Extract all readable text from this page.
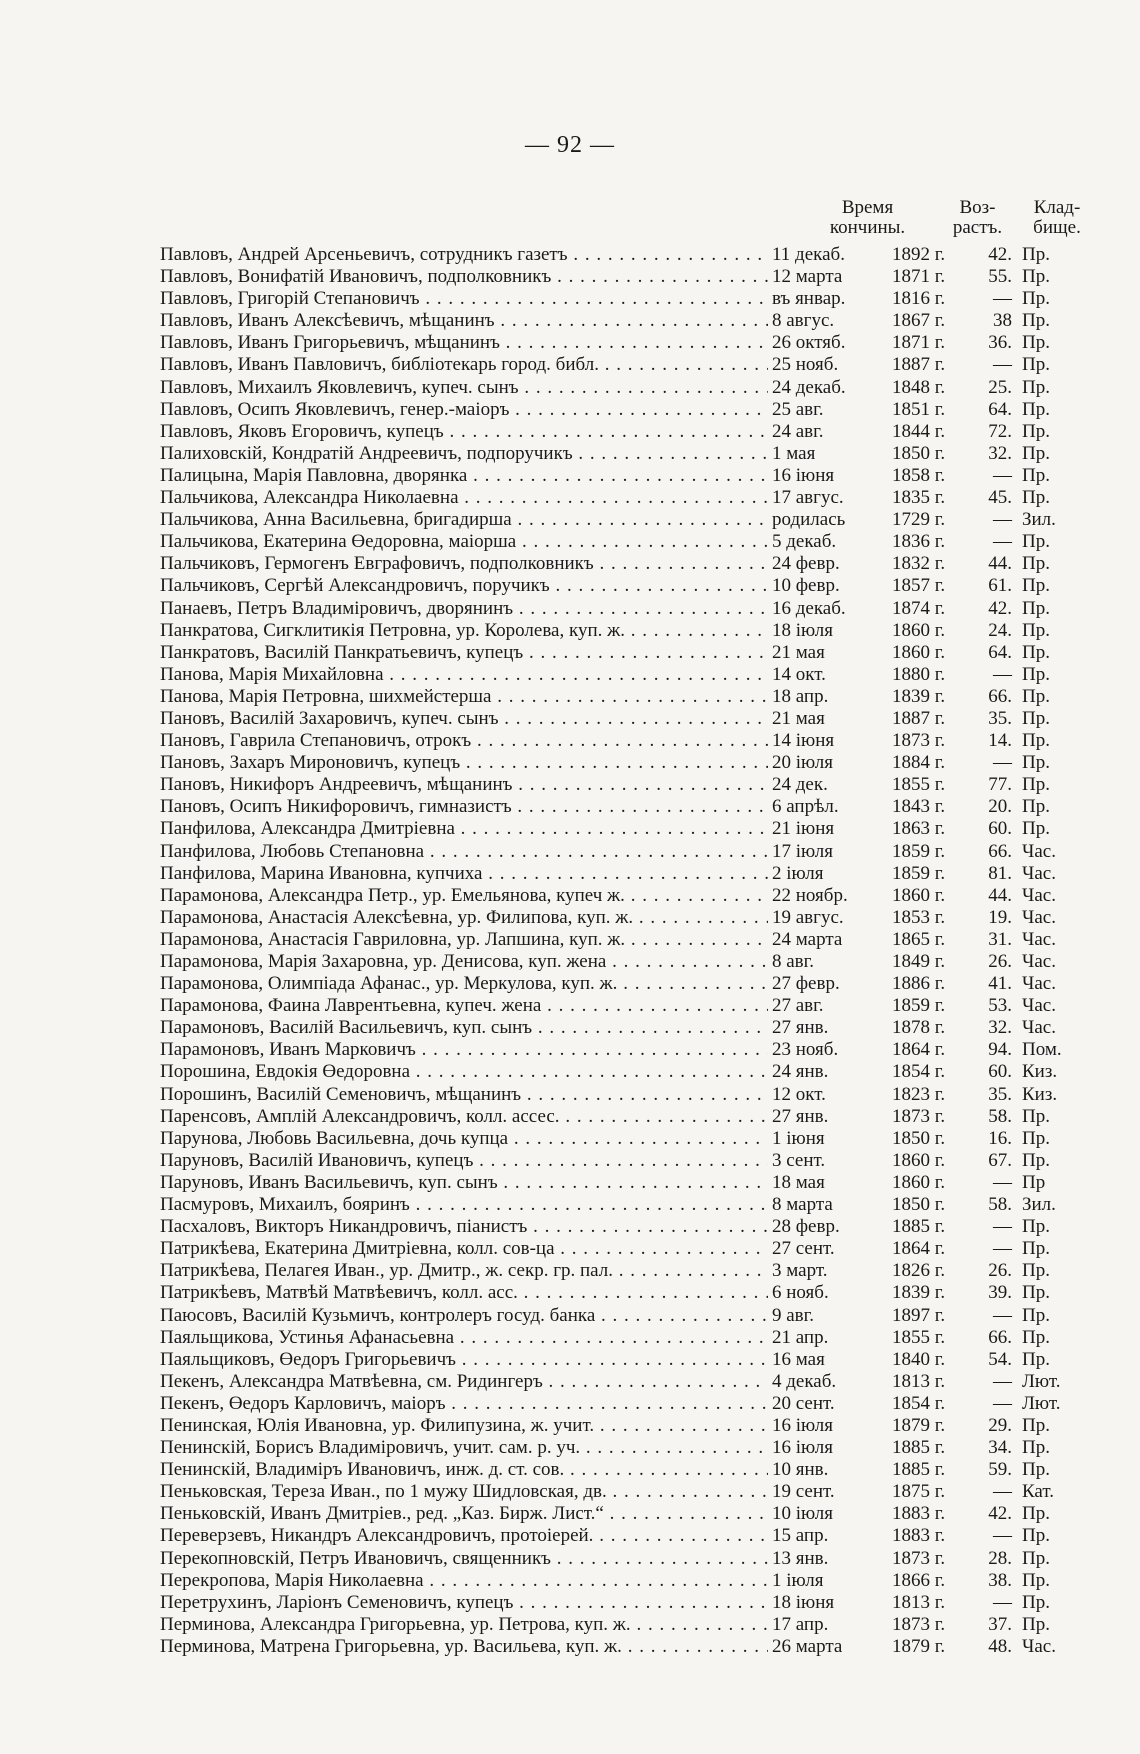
— 92 —
Время
кончины.
Воз-
растъ.
Клад-
бище.
Павловъ, Андрей Арсеньевичъ, сотрудникъ газетъ . . .	11 декаб.	1892 г.	42. Пр.
Павловъ, Вонифатій Ивановичъ, подполковникъ . . .	12 марта	1871 г.	55. Пр.
Павловъ, Григорій Степановичъ . . .	въ январ.	1816 г.	— Пр.
Павловъ, Иванъ Алексѣевичъ, мѣщанинъ . . .	8 авгус.	1867 г.	38 Пр.
Павловъ, Иванъ Григорьевичъ, мѣщанинъ . . .	26 октяб.	1871 г.	36. Пр.
Павловъ, Иванъ Павловичъ, библіотекарь город. библ. . . .	25 нояб.	1887 г.	— Пр.
Павловъ, Михаилъ Яковлевичъ, купеч. сынъ . . .	24 декаб.	1848 г.	25. Пр.
Павловъ, Осипъ Яковлевичъ, генер.-маіоръ . . .	25 авг.	1851 г.	64. Пр.
Павловъ, Яковъ Егоровичъ, купецъ . . .	24 авг.	1844 г.	72. Пр.
Палиховскій, Кондратій Андреевичъ, подпоручикъ . . .	1 мая	1850 г.	32. Пр.
Палицына, Марія Павловна, дворянка . . .	16 іюня	1858 г.	— Пр.
Пальчикова, Александра Николаевна . . .	17 авгус.	1835 г.	45. Пр.
Пальчикова, Анна Васильевна, бригадирша . . .	родилась	1729 г.	— Зил.
Пальчикова, Екатерина Өедоровна, маіорша . . .	5 декаб.	1836 г.	— Пр.
Пальчиковъ, Гермогенъ Евграфовичъ, подполковникъ . . .	24 февр.	1832 г.	44. Пр.
Пальчиковъ, Сергѣй Александровичъ, поручикъ . . .	10 февр.	1857 г.	61. Пр.
Панаевъ, Петръ Владиміровичъ, дворянинъ . . .	16 декаб.	1874 г.	42. Пр.
Панкратова, Сигклитикія Петровна, ур. Королева, куп. ж. . . .	18 іюля	1860 г.	24. Пр.
Панкратовъ, Василій Панкратьевичъ, купецъ . . .	21 мая	1860 г.	64. Пр.
Панова, Марія Михайловна . . .	14 окт.	1880 г.	— Пр.
Панова, Марія Петровна, шихмейстерша . . .	18 апр.	1839 г.	66. Пр.
Пановъ, Василій Захаровичъ, купеч. сынъ . . .	21 мая	1887 г.	35. Пр.
Пановъ, Гаврила Степановичъ, отрокъ . . .	14 іюня	1873 г.	14. Пр.
Пановъ, Захаръ Мироновичъ, купецъ . . .	20 іюля	1884 г.	— Пр.
Пановъ, Никифоръ Андреевичъ, мѣщанинъ . . .	24 дек.	1855 г.	77. Пр.
Пановъ, Осипъ Никифоровичъ, гимназистъ . . .	6 апрѣл.	1843 г.	20. Пр.
Панфилова, Александра Дмитріевна . . .	21 іюня	1863 г.	60. Пр.
Панфилова, Любовь Степановна . . .	17 іюля	1859 г.	66. Час.
Панфилова, Марина Ивановна, купчиха . . .	2 іюля	1859 г.	81. Час.
Парамонова, Александра Петр., ур. Емельянова, купеч ж. . . .	22 ноябр.	1860 г.	44. Час.
Парамонова, Анастасія Алексѣевна, ур. Филипова, куп. ж. . . .	19 авгус.	1853 г.	19. Час.
Парамонова, Анастасія Гавриловна, ур. Лапшина, куп. ж. . . .	24 марта	1865 г.	31. Час.
Парамонова, Марія Захаровна, ур. Денисова, куп. жена . . .	8 авг.	1849 г.	26. Час.
Парамонова, Олимпіада Афанас., ур. Меркулова, куп. ж. . . .	27 февр.	1886 г.	41. Час.
Парамонова, Фаина Лаврентьевна, купеч. жена . . .	27 авг.	1859 г.	53. Час.
Парамоновъ, Василій Васильевичъ, куп. сынъ . . .	27 янв.	1878 г.	32. Час.
Парамоновъ, Иванъ Марковичъ . . .	23 нояб.	1864 г.	94. Пом.
Порошина, Евдокія Өедоровна . . .	24 янв.	1854 г.	60. Киз.
Порошинъ, Василій Семеновичъ, мѣщанинъ . . .	12 окт.	1823 г.	35. Киз.
Паренсовъ, Амплій Александровичъ, колл. ассес. . . .	27 янв.	1873 г.	58. Пр.
Парунова, Любовь Васильевна, дочь купца . . .	1 іюня	1850 г.	16. Пр.
Паруновъ, Василій Ивановичъ, купецъ . . .	3 сент.	1860 г.	67. Пр.
Паруновъ, Иванъ Васильевичъ, куп. сынъ . . .	18 мая	1860 г.	— Пр
Пасмуровъ, Михаилъ, бояринъ . . .	8 марта	1850 г.	58. Зил.
Пасхаловъ, Викторъ Никандровичъ, піанистъ . . .	28 февр.	1885 г.	— Пр.
Патрикѣева, Екатерина Дмитріевна, колл. сов-ца . . .	27 сент.	1864 г.	— Пр.
Патрикѣева, Пелагея Иван., ур. Дмитр., ж. секр. гр. пал. . . .	3 март.	1826 г.	26. Пр.
Патрикѣевъ, Матвѣй Матвѣевичъ, колл. асс. . . .	6 нояб.	1839 г.	39. Пр.
Паюсовъ, Василій Кузьмичъ, контролеръ госуд. банка . . .	9 авг.	1897 г.	— Пр.
Паяльщикова, Устинья Афанасьевна . . .	21 апр.	1855 г.	66. Пр.
Паяльщиковъ, Өедоръ Григорьевичъ . . .	16 мая	1840 г.	54. Пр.
Пекенъ, Александра Матвѣевна, см. Ридингеръ . . .	4 декаб.	1813 г.	— Лют.
Пекенъ, Өедоръ Карловичъ, маіоръ . . .	20 сент.	1854 г.	— Лют.
Пенинская, Юлія Ивановна, ур. Филипузина, ж. учит. . . .	16 іюля	1879 г.	29. Пр.
Пенинскій, Борисъ Владиміровичъ, учит. сам. р. уч. . . .	16 іюля	1885 г.	34. Пр.
Пенинскій, Владиміръ Ивановичъ, инж. д. ст. сов. . . .	10 янв.	1885 г.	59. Пр.
Пеньковская, Тереза Иван., по 1 мужу Шидловская, дв. . . .	19 сент.	1875 г.	— Кат.
Пеньковскій, Иванъ Дмитріев., ред. „Каз. Бирж. Лист.“ . . .	10 іюля	1883 г.	42. Пр.
Переверзевъ, Никандръ Александровичъ, протоіерей. . . .	15 апр.	1883 г.	— Пр.
Перекопновскій, Петръ Ивановичъ, священникъ . . .	13 янв.	1873 г.	28. Пр.
Перекропова, Марія Николаевна . . .	1 іюля	1866 г.	38. Пр.
Перетрухинъ, Ларіонъ Семеновичъ, купецъ . . .	18 іюня	1813 г.	— Пр.
Перминова, Александра Григорьевна, ур. Петрова, куп. ж. . . .	17 апр.	1873 г.	37. Пр.
Перминова, Матрена Григорьевна, ур. Васильева, куп. ж. . . .	26 марта	1879 г.	48. Час.
